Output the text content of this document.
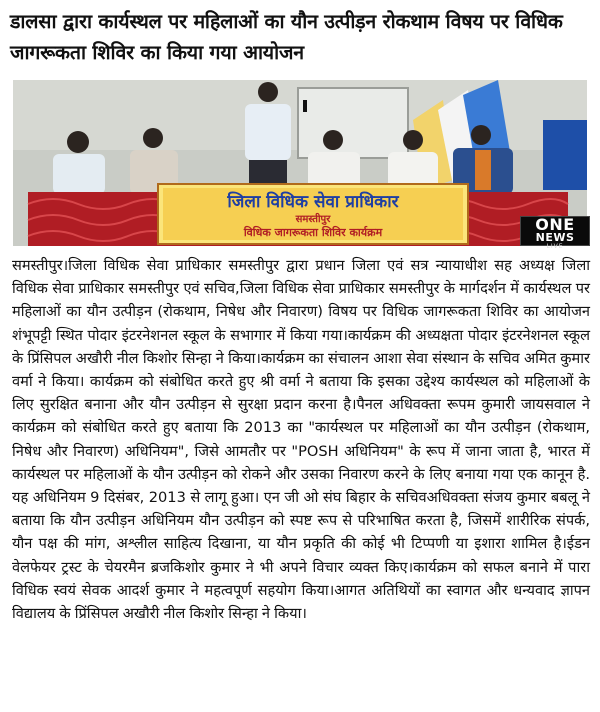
डालसा द्वारा कार्यस्थल पर महिलाओं का यौन उत्पीड़न रोकथाम विषय पर विधिक जागरूकता शिविर का किया गया आयोजन
जिला विधिक सेवा प्राधिकार
समस्तीपुर
विधिक जागरूकता शिविर कार्यक्रम	ONE
NEWS
LIVE
समस्तीपुर।जिला विधिक सेवा प्राधिकार समस्तीपुर द्वारा प्रधान जिला एवं सत्र न्यायाधीश सह अध्यक्ष जिला विधिक सेवा प्राधिकार समस्तीपुर एवं सचिव,जिला विधिक सेवा प्राधिकार समस्तीपुर के मार्गदर्शन में कार्यस्थल पर महिलाओं का यौन उत्पीड़न (रोकथाम, निषेध और निवारण) विषय पर विधिक जागरूकता शिविर का आयोजन शंभूपट्टी स्थित पोदार इंटरनेशनल स्कूल के सभागार में किया गया।कार्यक्रम की अध्यक्षता पोदार इंटरनेशनल स्कूल के प्रिंसिपल अखौरी नील किशोर सिन्हा ने किया।कार्यक्रम का संचालन आशा सेवा संस्थान के सचिव अमित कुमार वर्मा ने किया। कार्यक्रम को संबोधित करते हुए श्री वर्मा ने बताया कि इसका उद्देश्य कार्यस्थल को महिलाओं के लिए सुरक्षित बनाना और यौन उत्पीड़न से सुरक्षा प्रदान करना है।पैनल अधिवक्ता रूपम कुमारी जायसवाल ने कार्यक्रम को संबोधित करते हुए बताया कि 2013 का "कार्यस्थल पर महिलाओं का यौन उत्पीड़न (रोकथाम, निषेध और निवारण) अधिनियम", जिसे आमतौर पर "POSH अधिनियम" के रूप में जाना जाता है, भारत में कार्यस्थल पर महिलाओं के यौन उत्पीड़न को रोकने और उसका निवारण करने के लिए बनाया गया एक कानून है. यह अधिनियम 9 दिसंबर, 2013 से लागू हुआ। एन जी ओ संघ बिहार के सचिवअधिवक्ता संजय कुमार बबलू ने बताया कि यौन उत्पीड़न अधिनियम यौन उत्पीड़न को स्पष्ट रूप से परिभाषित करता है, जिसमें शारीरिक संपर्क, यौन पक्ष की मांग, अश्लील साहित्य दिखाना, या यौन प्रकृति की कोई भी टिप्पणी या इशारा शामिल है।ईडन वेलफेयर ट्रस्ट के चेयरमैन ब्रजकिशोर कुमार ने भी अपने विचार व्यक्त किए।कार्यक्रम को सफल बनाने में पारा विधिक स्वयं सेवक आदर्श कुमार ने महत्वपूर्ण सहयोग किया।आगत अतिथियों का स्वागत और धन्यवाद ज्ञापन विद्यालय के प्रिंसिपल अखौरी नील किशोर सिन्हा ने किया।
